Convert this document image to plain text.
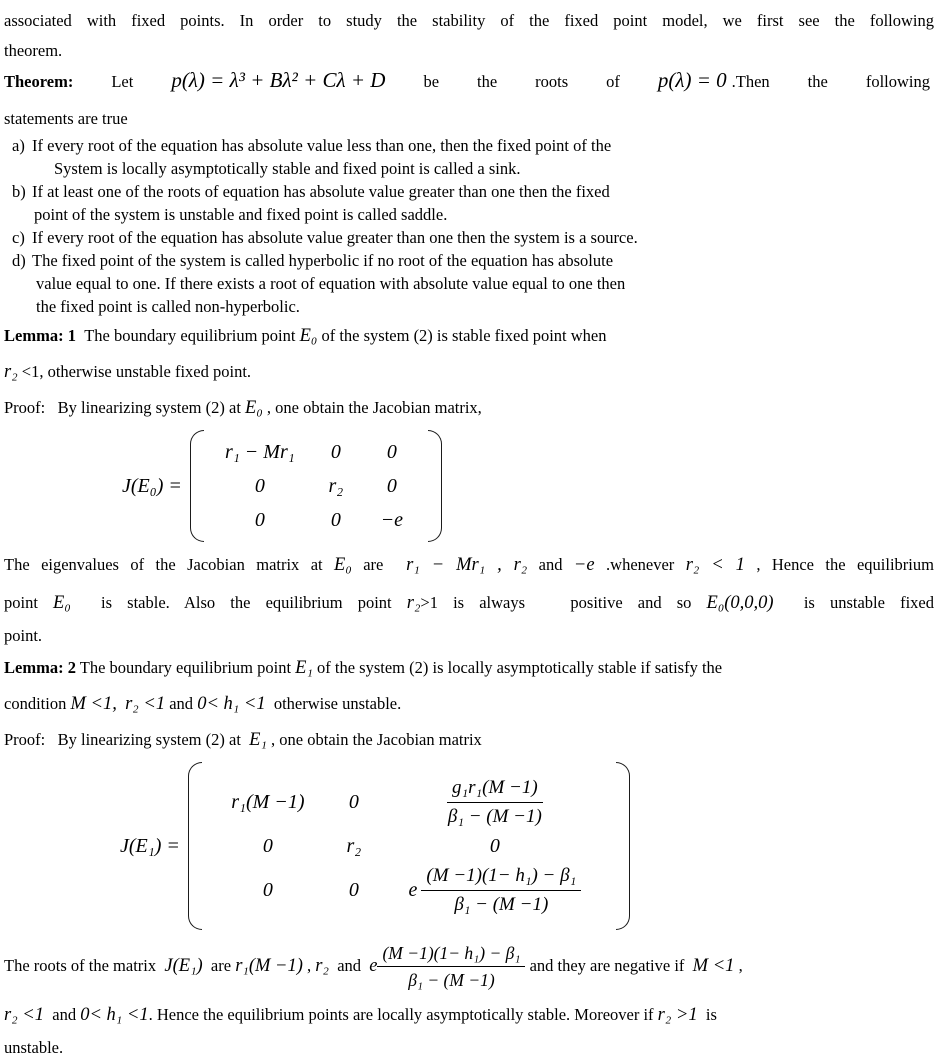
associated with fixed points. In order to study the stability of the fixed point model, we first see the following

theorem.

Theorem: Let p(λ) = λ³ + Bλ² + Cλ + D be the roots of p(λ) = 0 .Then the following

statements are true

a) If every root of the equation has absolute value less than one, then the fixed point of the

System is locally asymptotically stable and fixed point is called a sink.

b) If at least one of the roots of equation has absolute value greater than one then the fixed

point of the system is unstable and fixed point is called saddle.

c) If every root of the equation has absolute value greater than one then the system is a source.

d) The fixed point of the system is called hyperbolic if no root of the equation has absolute

value equal to one. If there exists a root of equation with absolute value equal to one then

the fixed point is called non-hyperbolic.

Lemma: 1  The boundary equilibrium point E₀ of the system (2) is stable fixed point when

r₂ <1, otherwise unstable fixed point.

Proof:   By linearizing system (2) at E₀ , one obtain the Jacobian matrix,

J(E₀) =
r₁ − Mr₁ 0 0
0	r₂ 0
0	0 −e

The eigenvalues of the Jacobian matrix at E₀ are  r₁ − Mr₁ , r₂ and −e .whenever r₂ < 1 , Hence the equilibrium

point E₀  is stable. Also the equilibrium point r₂>1 is always   positive and so E₀(0,0,0)  is unstable fixed

point.

Lemma: 2 The boundary equilibrium point E₁ of the system (2) is locally asymptotically stable if satisfy the

condition M <1, r₂ <1 and 0< h₁ <1  otherwise unstable.

Proof:   By linearizing system (2) at  E₁ , one obtain the Jacobian matrix

J(E₁) =
r₁(M −1) 0	$\frac{\text{g₁r₁(M −1)}}{\text{β₁ − (M −1)}}$
0	r₂	0
0	0 e $\frac{\text{(M −1)(1− h₁) − β₁}}{\text{β₁ − (M −1)}}$
The roots of the matrix J(E₁) are r₁(M −1) , r₂ and e $\frac{\text{(M −1)(1− h₁) − β₁}}{\text{β₁ − (M −1)}}$ and they are negative if M <1 ,

r₂ <1  and 0< h₁ <1. Hence the equilibrium points are locally asymptotically stable. Moreover if r₂ >1  is

unstable.
